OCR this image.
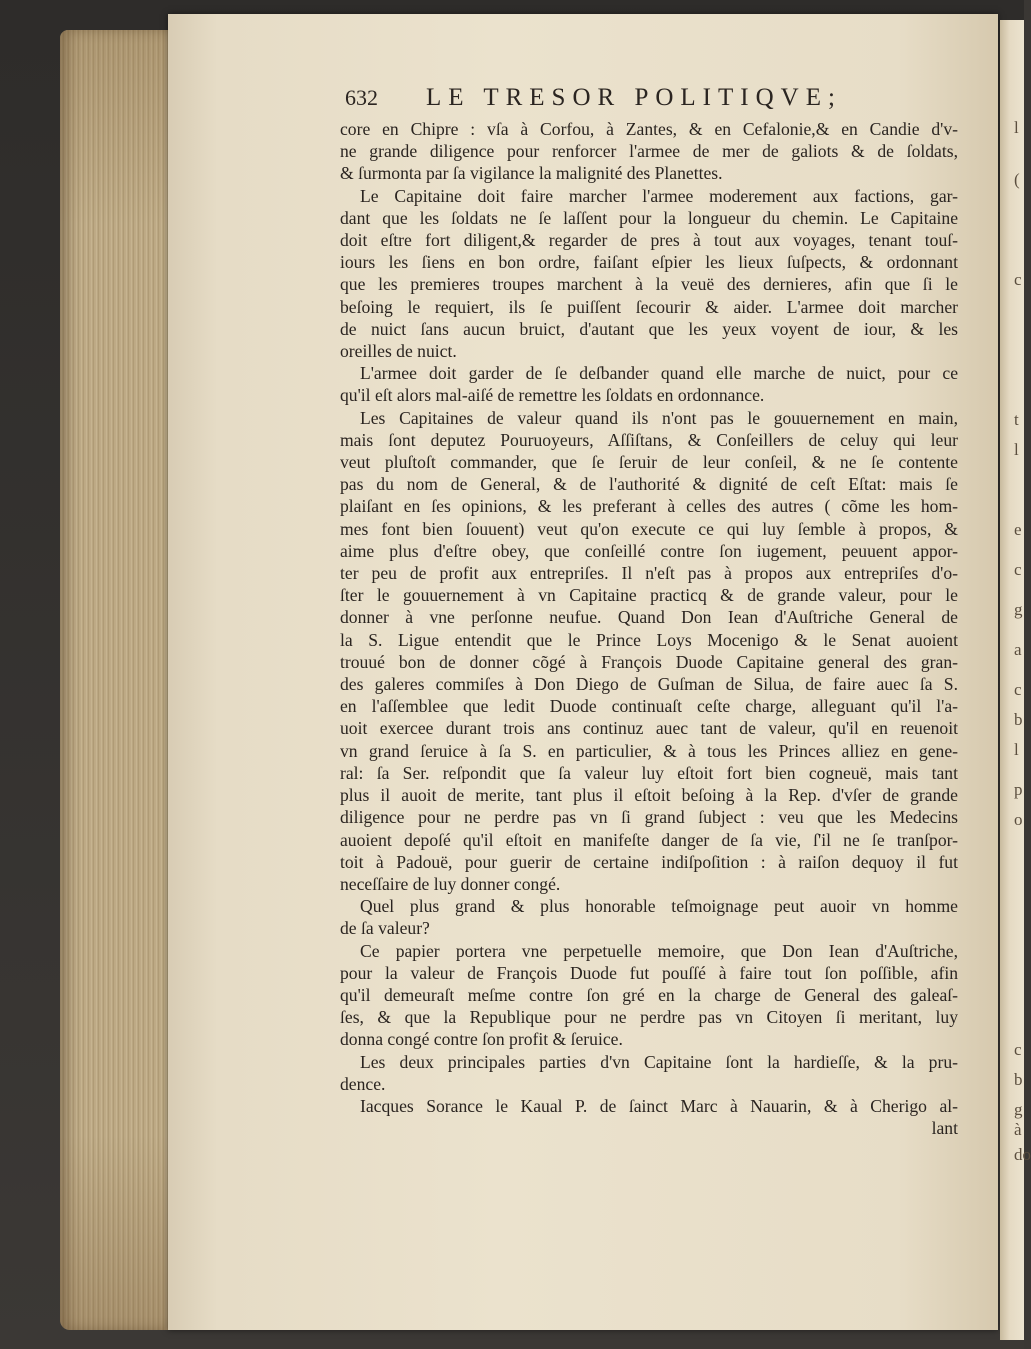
l
(
c
t
l
e
c
g
a
c
b
l
p
o
c
b
g
à
do
632 LE TRESOR POLITIQVE;
core en Chipre : vſa à Corfou, à Zantes, & en Cefalonie,& en Candie d'v-
ne grande diligence pour renforcer l'armee de mer de galiots & de ſoldats,
& ſurmonta par ſa vigilance la malignité des Planettes.
Le Capitaine doit faire marcher l'armee moderement aux factions, gar-
dant que les ſoldats ne ſe laſſent pour la longueur du chemin. Le Capitaine
doit eſtre fort diligent,& regarder de pres à tout aux voyages, tenant touſ-
iours les ſiens en bon ordre, faiſant eſpier les lieux ſuſpects, & ordonnant
que les premieres troupes marchent à la veuë des dernieres, afin que ſi le
beſoing le requiert, ils ſe puiſſent ſecourir & aider. L'armee doit marcher
de nuict ſans aucun bruict, d'autant que les yeux voyent de iour, & les
oreilles de nuict.
L'armee doit garder de ſe deſbander quand elle marche de nuict, pour ce
qu'il eſt alors mal-aiſé de remettre les ſoldats en ordonnance.
Les Capitaines de valeur quand ils n'ont pas le gouuernement en main,
mais ſont deputez Pouruoyeurs, Aſſiſtans, & Conſeillers de celuy qui leur
veut pluſtoſt commander, que ſe ſeruir de leur conſeil, & ne ſe contente
pas du nom de General, & de l'authorité & dignité de ceſt Eſtat: mais ſe
plaiſant en ſes opinions, & les preferant à celles des autres ( cõme les hom-
mes font bien ſouuent) veut qu'on execute ce qui luy ſemble à propos, &
aime plus d'eſtre obey, que conſeillé contre ſon iugement, peuuent appor-
ter peu de profit aux entrepriſes. Il n'eſt pas à propos aux entrepriſes d'o-
ſter le gouuernement à vn Capitaine practicq & de grande valeur, pour le
donner à vne perſonne neufue. Quand Don Iean d'Auſtriche General de
la S. Ligue entendit que le Prince Loys Mocenigo & le Senat auoient
trouué bon de donner cõgé à François Duode Capitaine general des gran-
des galeres commiſes à Don Diego de Guſman de Silua, de faire auec ſa S.
en l'aſſemblee que ledit Duode continuaſt ceſte charge, alleguant qu'il l'a-
uoit exercee durant trois ans continuz auec tant de valeur, qu'il en reuenoit
vn grand ſeruice à ſa S. en particulier, & à tous les Princes alliez en gene-
ral: ſa Ser. reſpondit que ſa valeur luy eſtoit fort bien cogneuë, mais tant
plus il auoit de merite, tant plus il eſtoit beſoing à la Rep. d'vſer de grande
diligence pour ne perdre pas vn ſi grand ſubject : veu que les Medecins
auoient depoſé qu'il eſtoit en manifeſte danger de ſa vie, ſ'il ne ſe tranſpor-
toit à Padouë, pour guerir de certaine indiſpoſition : à raiſon dequoy il fut
neceſſaire de luy donner congé.
Quel plus grand & plus honorable teſmoignage peut auoir vn homme
de ſa valeur?
Ce papier portera vne perpetuelle memoire, que Don Iean d'Auſtriche,
pour la valeur de François Duode fut pouſſé à faire tout ſon poſſible, afin
qu'il demeuraſt meſme contre ſon gré en la charge de General des galeaſ-
ſes, & que la Republique pour ne perdre pas vn Citoyen ſi meritant, luy
donna congé contre ſon profit & ſeruice.
Les deux principales parties d'vn Capitaine ſont la hardieſſe, & la pru-
dence.
Iacques Sorance le Kaual P. de ſainct Marc à Nauarin, & à Cherigo al-
lant
